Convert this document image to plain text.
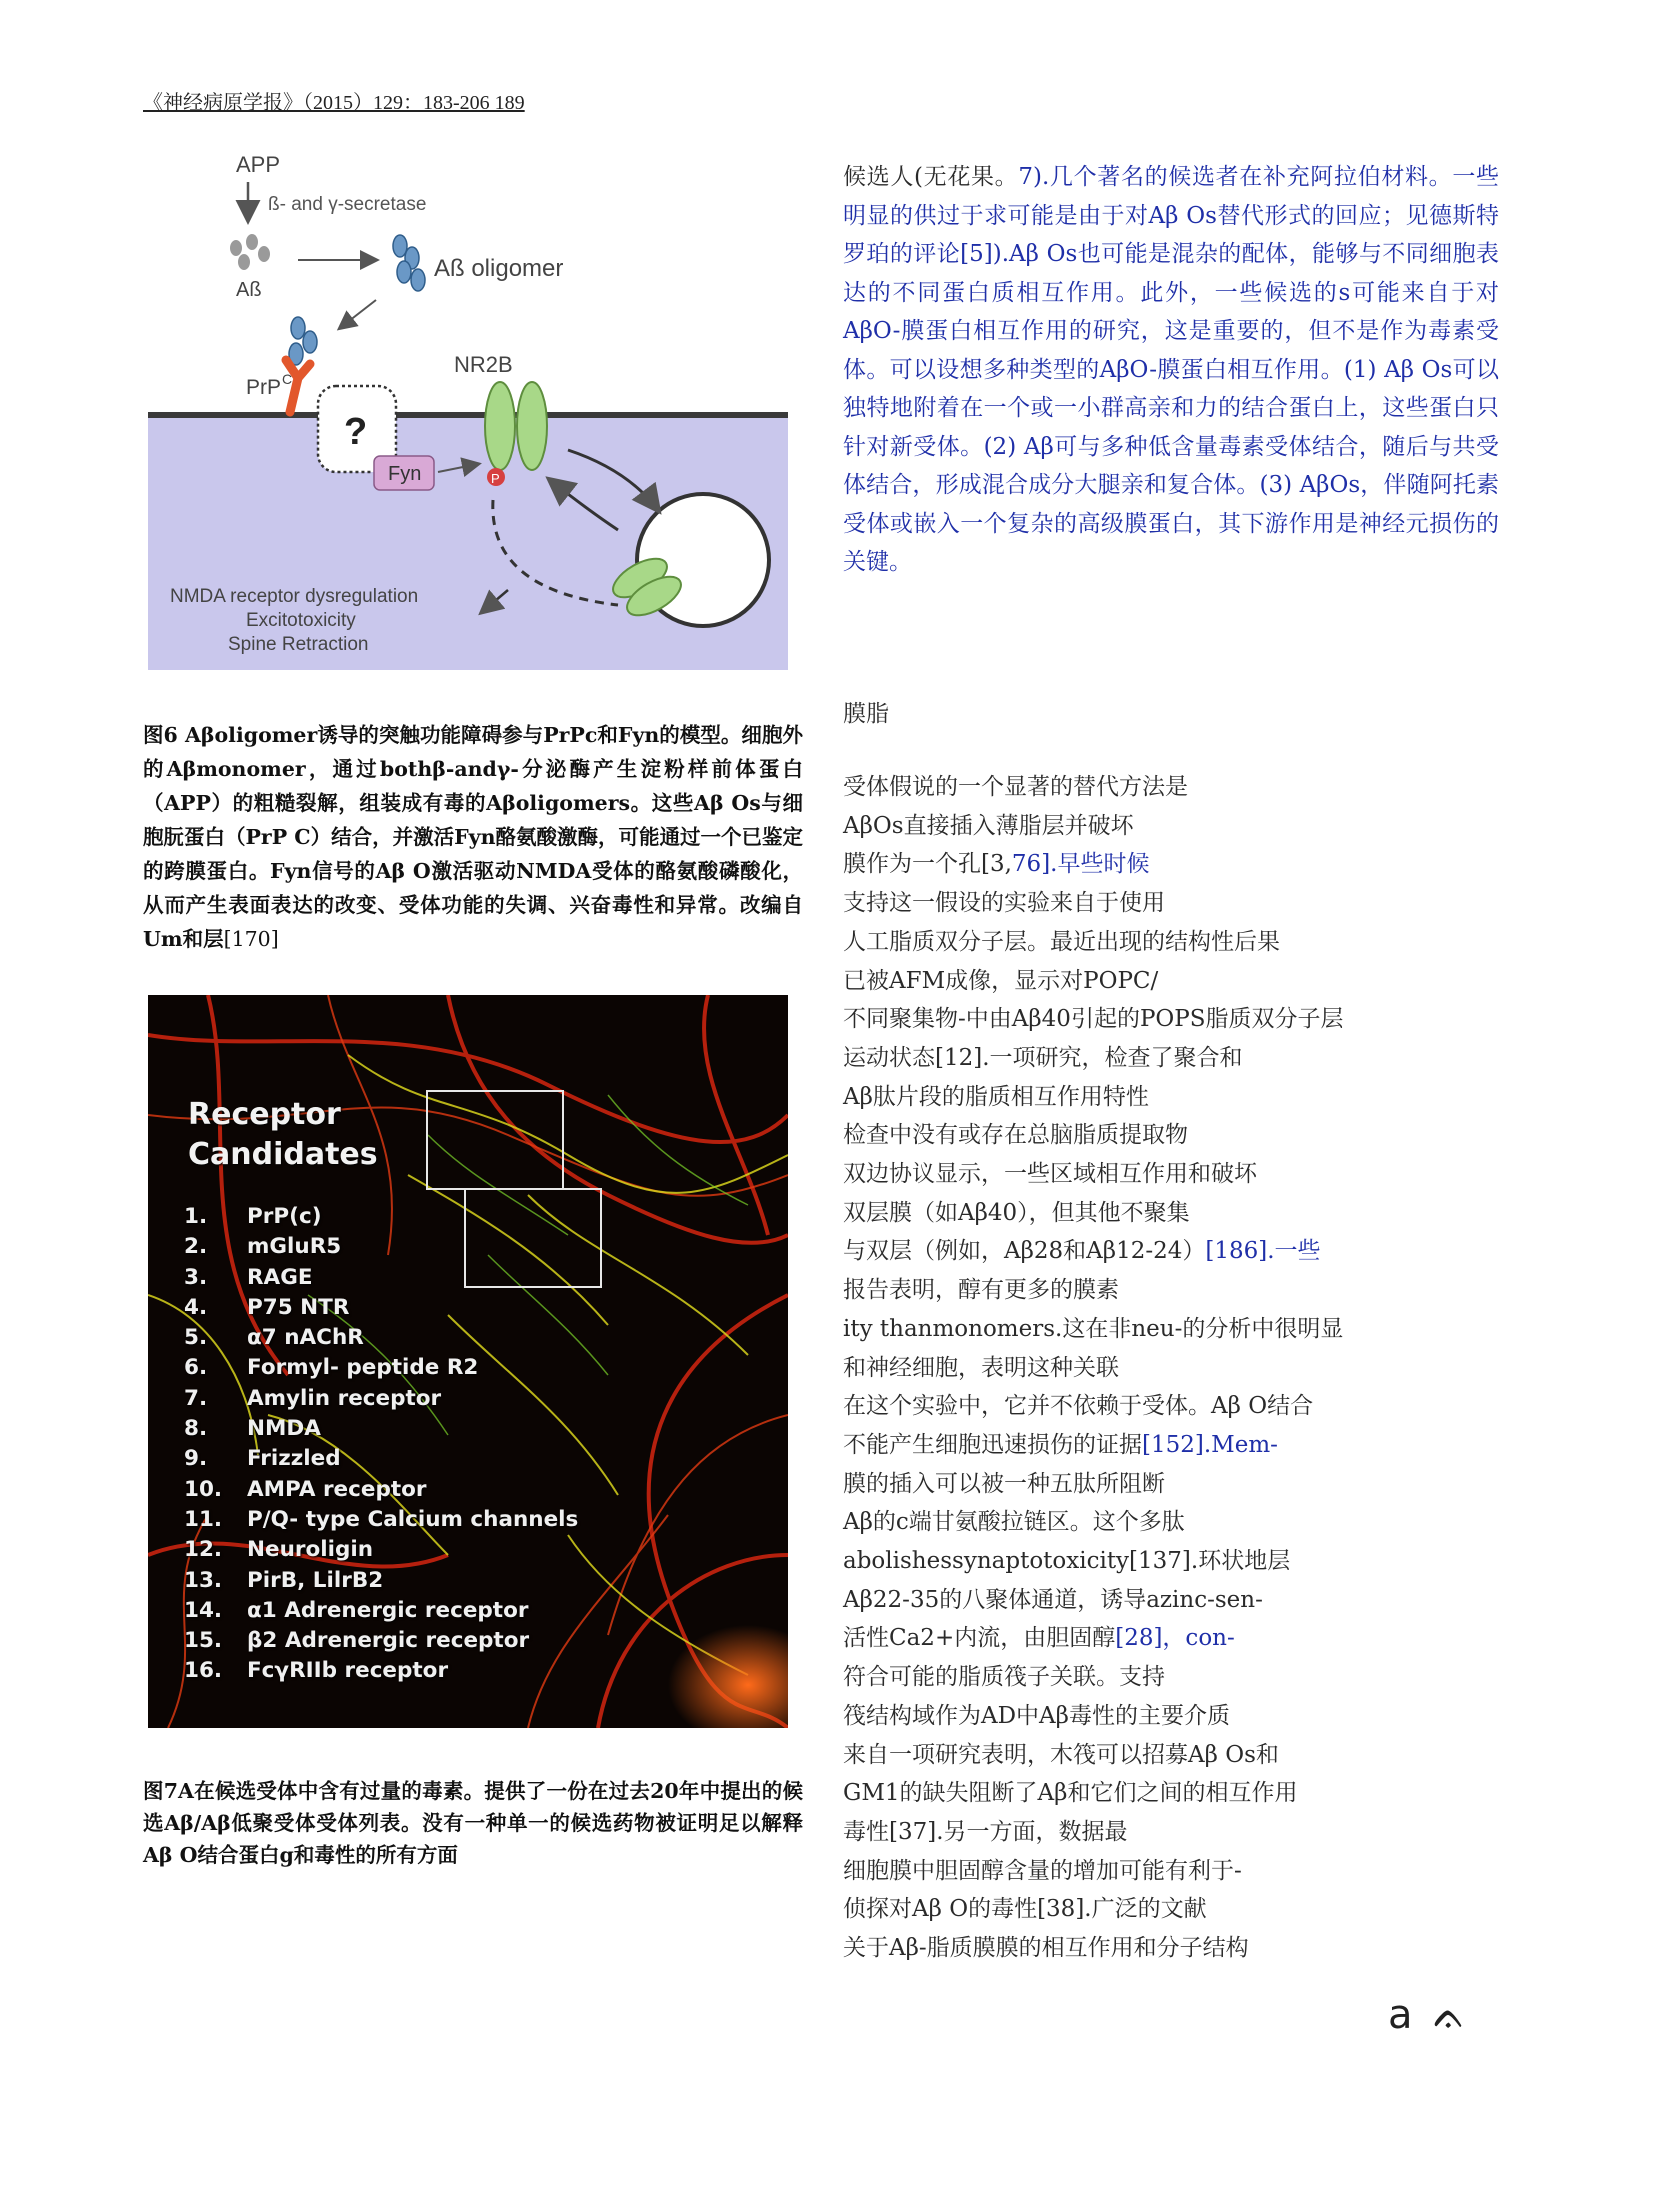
《神经病原学报》（2015）129：183-206 189
APP
ß- and γ-secretase
Aß
Aß oligomer
PrP C
?
Fyn
NR2B
P
NMDA receptor dysregulation
Excitotoxicity
Spine Retraction
图6 Aβoligomer诱导的突触功能障碍参与PrPc和Fyn的模型。细胞外的Aβmonomer，通过bothβ-andγ-分泌酶产生淀粉样前体蛋白（APP）的粗糙裂解，组装成有毒的Aβoligomers。这些Aβ Os与细胞朊蛋白（PrP C）结合，并激活Fyn酪氨酸激酶，可能通过一个已鉴定的跨膜蛋白。Fyn信号的Aβ O激活驱动NMDA受体的酪氨酸磷酸化，从而产生表面表达的改变、受体功能的失调、兴奋毒性和异常。改编自Um和层[170]
Receptor
Candidates
1.	PrP(c)
2.	mGluR5
3.	RAGE
4.	P75 NTR
5.	α7 nAChR
6.	Formyl- peptide R2
7.	Amylin receptor
8.	NMDA
9.	Frizzled
10.	AMPA receptor
11.	P/Q- type Calcium channels
12.	Neuroligin
13.	PirB, LilrB2
14.	α1 Adrenergic receptor
15.	β2 Adrenergic receptor
16.	FcγRIIb receptor
图7A在候选受体中含有过量的毒素。提供了一份在过去20年中提出的候选Aβ/Aβ低聚受体受体列表。没有一种单一的候选药物被证明足以解释Aβ O结合蛋白g和毒性的所有方面
候选人(无花果。7).几个著名的候选者在补充阿拉伯材料。一些明显的供过于求可能是由于对Aβ Os替代形式的回应；见德斯特罗珀的评论[5]).Aβ Os也可能是混杂的配体，能够与不同细胞表达的不同蛋白质相互作用。此外，一些候选的s可能来自于对AβO-膜蛋白相互作用的研究，这是重要的，但不是作为毒素受体。可以设想多种类型的AβO-膜蛋白相互作用。(1) Aβ Os可以独特地附着在一个或一小群高亲和力的结合蛋白上，这些蛋白只针对新受体。(2) Aβ可与多种低含量毒素受体结合，随后与共受体结合，形成混合成分大腿亲和复合体。(3) AβOs，伴随阿托素受体或嵌入一个复杂的高级膜蛋白，其下游作用是神经元损伤的关键。
膜脂
受体假说的一个显著的替代方法是
AβOs直接插入薄脂层并破坏
膜作为一个孔[3,76].早些时候
支持这一假设的实验来自于使用
人工脂质双分子层。最近出现的结构性后果
已被AFM成像，显示对POPC/
不同聚集物-中由Aβ40引起的POPS脂质双分子层
运动状态[12].一项研究，检查了聚合和
Aβ肽片段的脂质相互作用特性
检查中没有或存在总脑脂质提取物
双边协议显示，一些区域相互作用和破坏
双层膜（如Aβ40），但其他不聚集
与双层（例如，Aβ28和Aβ12-24）[186].一些
报告表明，醇有更多的膜素
ity thanmonomers.这在非neu-的分析中很明显
和神经细胞，表明这种关联
在这个实验中，它并不依赖于受体。Aβ O结合
不能产生细胞迅速损伤的证据[152].Mem-
膜的插入可以被一种五肽所阻断
Aβ的c端甘氨酸拉链区。这个多肽
abolishessynaptotoxicity[137].环状地层
Aβ22-35的八聚体通道，诱导azinc-sen-
活性Ca2+内流，由胆固醇[28]，con-
符合可能的脂质筏子关联。支持
筏结构域作为AD中Aβ毒性的主要介质
来自一项研究表明，木筏可以招募Aβ Os和
GM1的缺失阻断了Aβ和它们之间的相互作用
毒性[37].另一方面，数据最
细胞膜中胆固醇含量的增加可能有利于-
侦探对Aβ O的毒性[38].广泛的文献
关于Aβ-脂质膜膜的相互作用和分子结构
a ᨊ
